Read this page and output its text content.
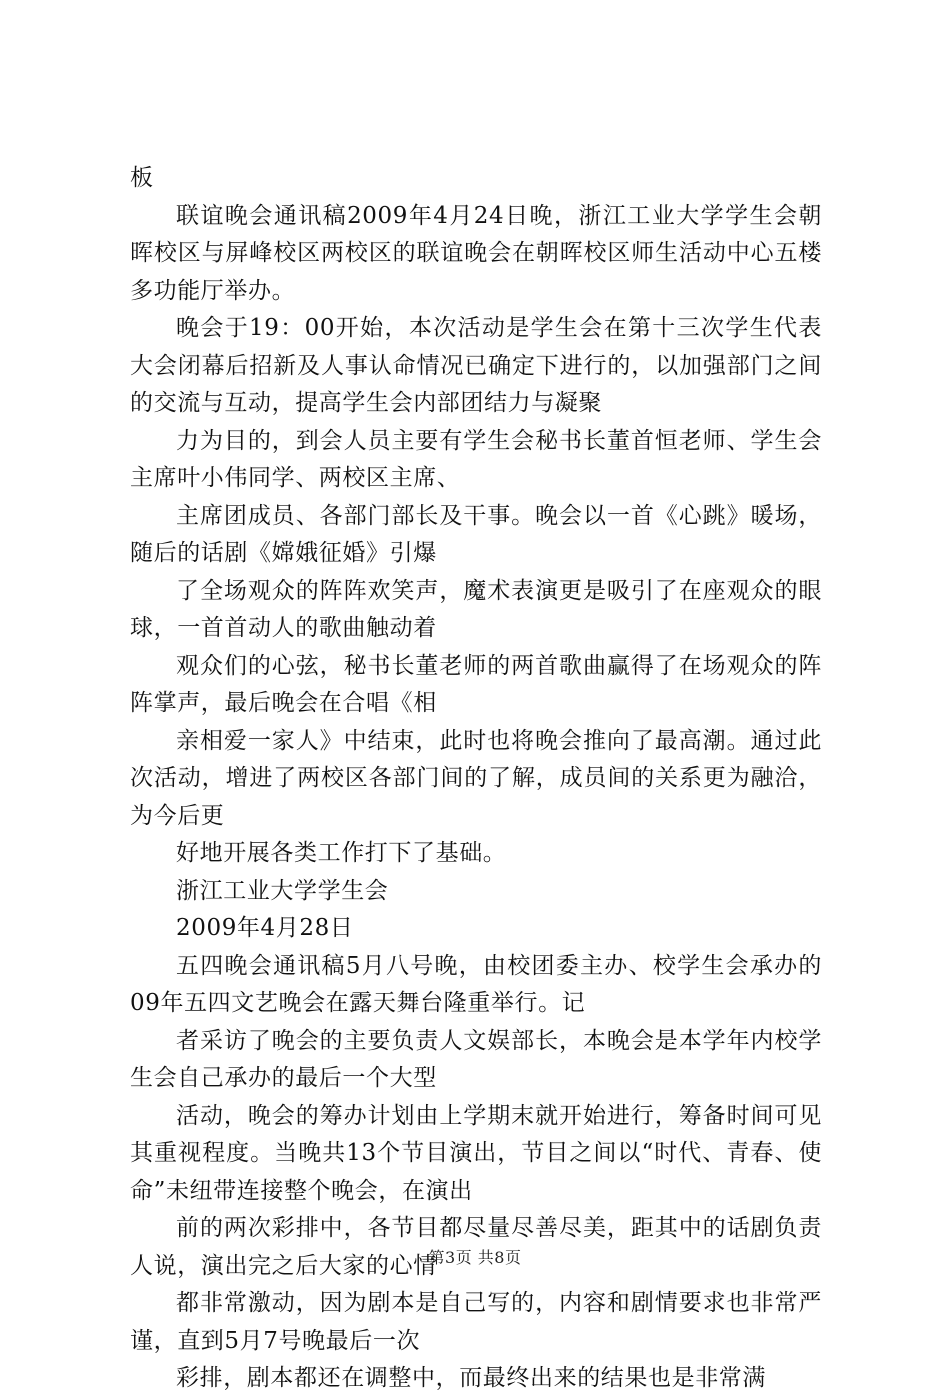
板

联谊晚会通讯稿2009年4月24日晚，浙江工业大学学生会朝晖校区与屏峰校区两校区的联谊晚会在朝晖校区师生活动中心五楼多功能厅举办。

晚会于19：00开始，本次活动是学生会在第十三次学生代表大会闭幕后招新及人事认命情况已确定下进行的，以加强部门之间的交流与互动，提高学生会内部团结力与凝聚

力为目的，到会人员主要有学生会秘书长董首恒老师、学生会主席叶小伟同学、两校区主席、

主席团成员、各部门部长及干事。晚会以一首《心跳》暖场，随后的话剧《嫦娥征婚》引爆

了全场观众的阵阵欢笑声，魔术表演更是吸引了在座观众的眼球，一首首动人的歌曲触动着

观众们的心弦，秘书长董老师的两首歌曲赢得了在场观众的阵阵掌声，最后晚会在合唱《相

亲相爱一家人》中结束，此时也将晚会推向了最高潮。通过此次活动，增进了两校区各部门间的了解，成员间的关系更为融洽，为今后更

好地开展各类工作打下了基础。

浙江工业大学学生会

2009年4月28日

五四晚会通讯稿5月八号晚，由校团委主办、校学生会承办的09年五四文艺晚会在露天舞台隆重举行。记

者采访了晚会的主要负责人文娱部长，本晚会是本学年内校学生会自己承办的最后一个大型

活动，晚会的筹办计划由上学期末就开始进行，筹备时间可见其重视程度。当晚共13个节目演出，节目之间以“时代、青春、使命”未纽带连接整个晚会，在演出

前的两次彩排中，各节目都尽量尽善尽美，距其中的话剧负责人说，演出完之后大家的心情

都非常激动，因为剧本是自己写的，内容和剧情要求也非常严谨，直到5月7号晚最后一次

彩排，剧本都还在调整中，而最终出来的结果也是非常满

第3页 共8页
